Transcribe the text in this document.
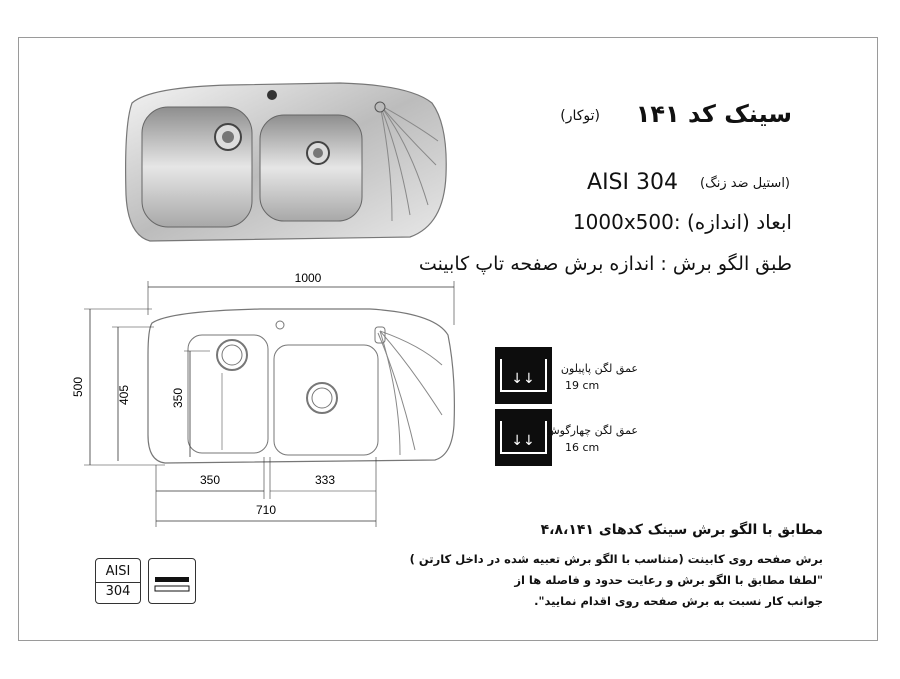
سینک کد ۱۴۱
(توکار)
AISI 304 (استیل ضد زنگ)
1000x500: ابعاد (اندازه)
طبق الگو برش : اندازه برش صفحه تاپ کابینت
1000
500	405	350
350	333
710
↓↓
عمق لگن پاپیلون
19 cm
↓↓
عمق لگن چهارگوش
16 cm
مطابق با الگو برش سینک کدهای ۴،۸،۱۴۱
برش صفحه روی کابینت (متناسب با الگو برش تعبیه شده در داخل کارتن )
"لطفا مطابق با الگو برش و رعایت حدود و فاصله ها از
جوانب کار نسبت به برش صفحه روی اقدام نمایید".
AISI
304
